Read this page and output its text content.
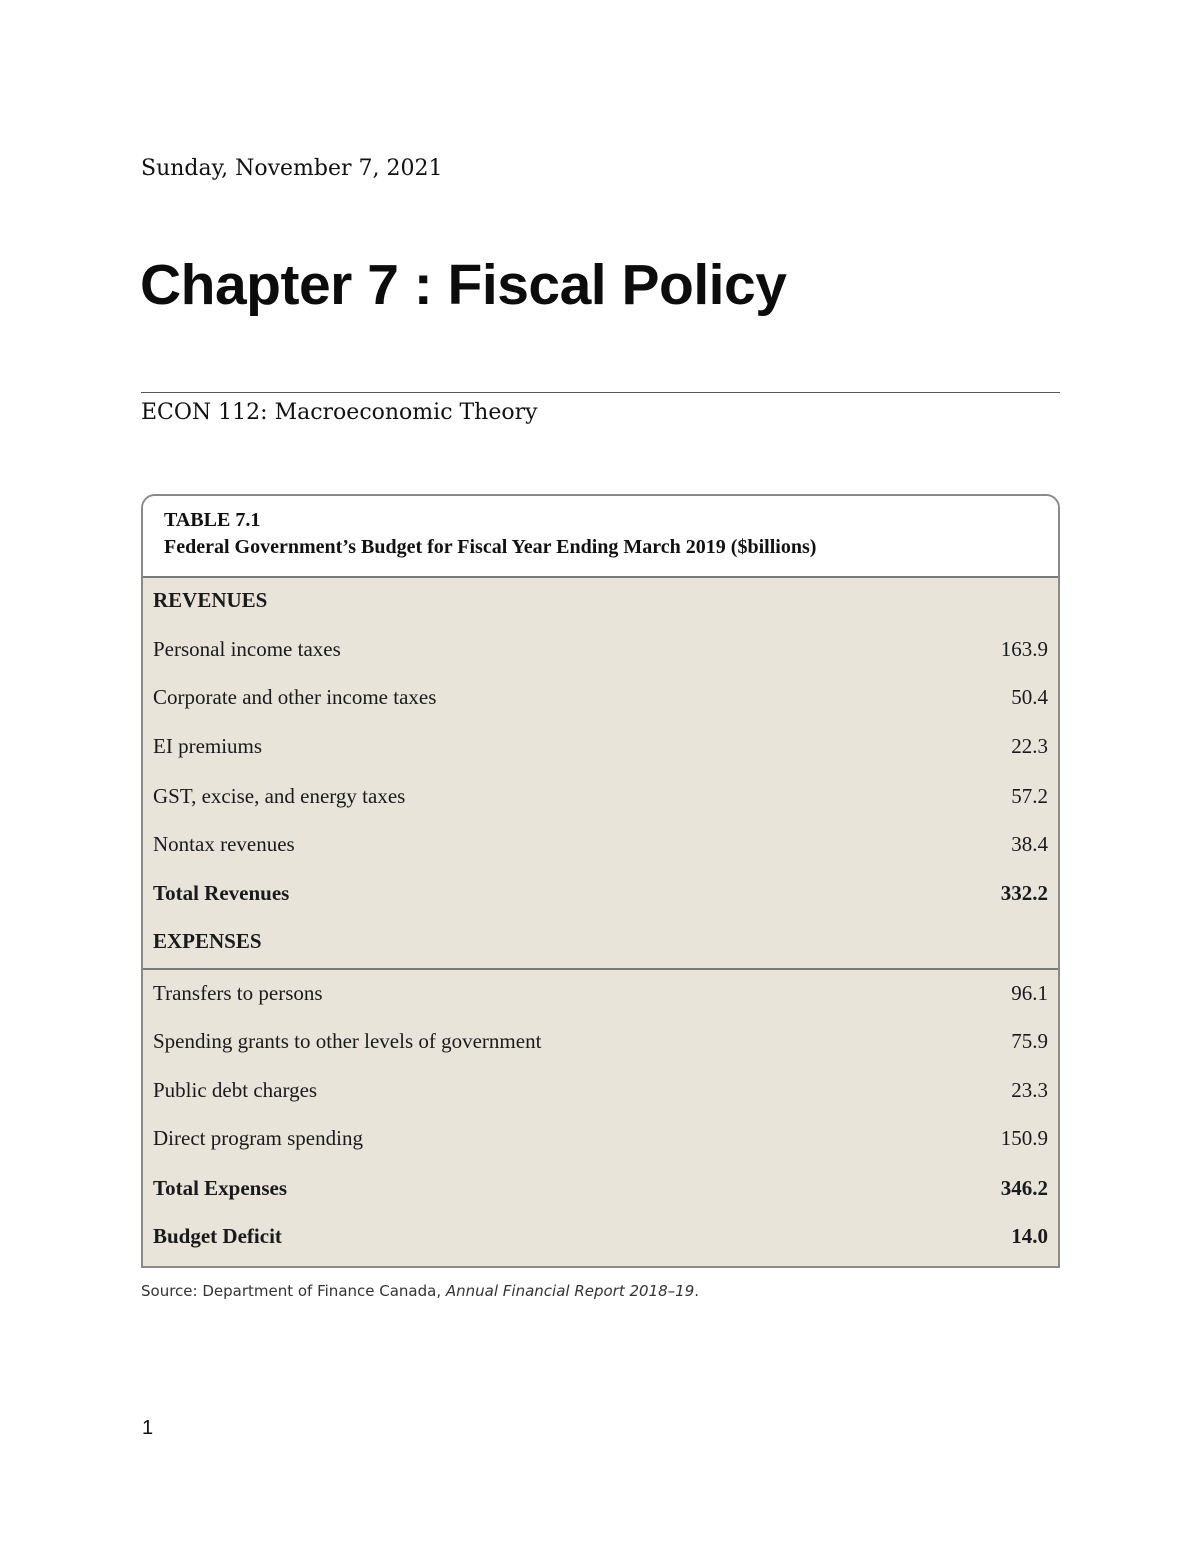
Sunday, November 7, 2021
Chapter 7 : Fiscal Policy
ECON 112: Macroeconomic Theory
TABLE 7.1
Federal Government’s Budget for Fiscal Year Ending March 2019 ($billions)
REVENUES
Personal income taxes	163.9
Corporate and other income taxes	50.4
EI premiums	22.3
GST, excise, and energy taxes	57.2
Nontax revenues	38.4
Total Revenues	332.2
EXPENSES
Transfers to persons	96.1
Spending grants to other levels of government	75.9
Public debt charges	23.3
Direct program spending	150.9
Total Expenses	346.2
Budget Deficit	14.0
Source: Department of Finance Canada, Annual Financial Report 2018–19.
1
